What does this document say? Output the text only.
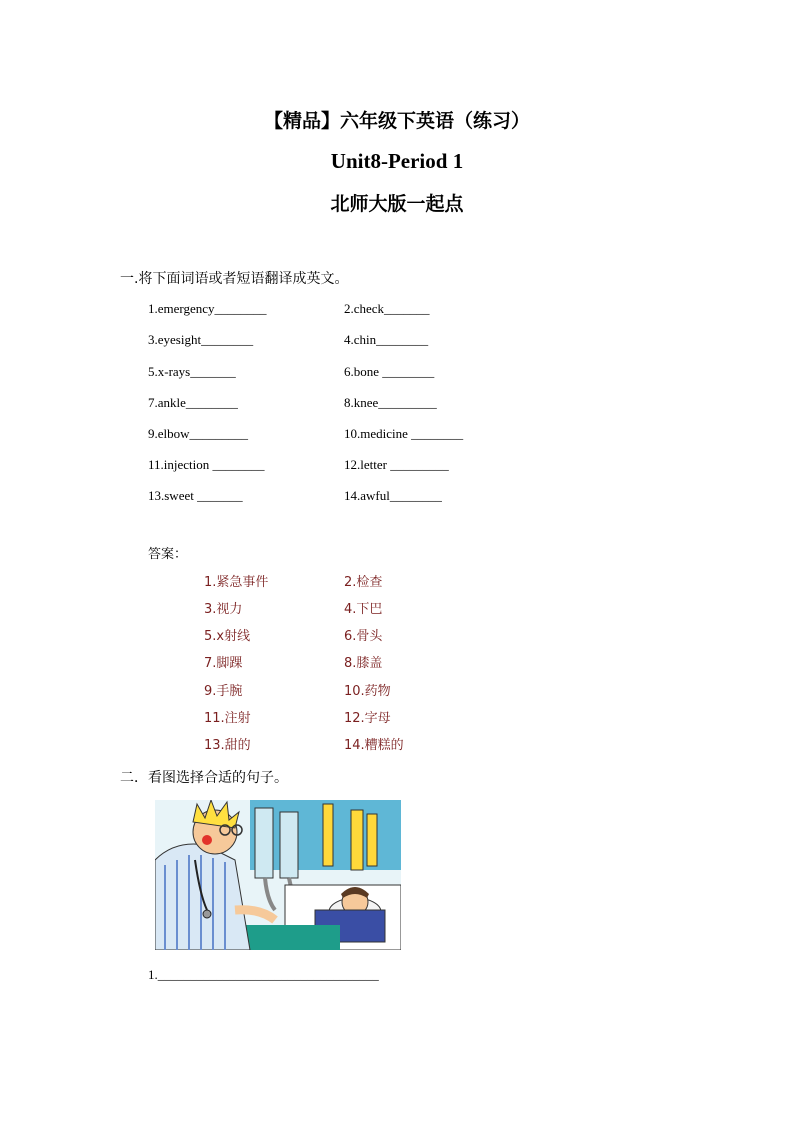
【精品】六年级下英语（练习）
Unit8-Period 1
北师大版一起点
一.将下面词语或者短语翻译成英文。
1.emergency________	2.check_______
3.eyesight________	4.chin________
5.x-rays_______	6.bone ________
7.ankle________	8.knee_________
9.elbow_________	10.medicine ________
11.injection ________	12.letter _________
13.sweet _______	14.awful________
答案：
1.紧急事件	2.检查
3.视力	4.下巴
5.x射线	6.骨头
7.脚踝	8.膝盖
9.手腕	10.药物
11.注射	12.字母
13.甜的	14.糟糕的
二．看图选择合适的句子。
1.__________________________________
